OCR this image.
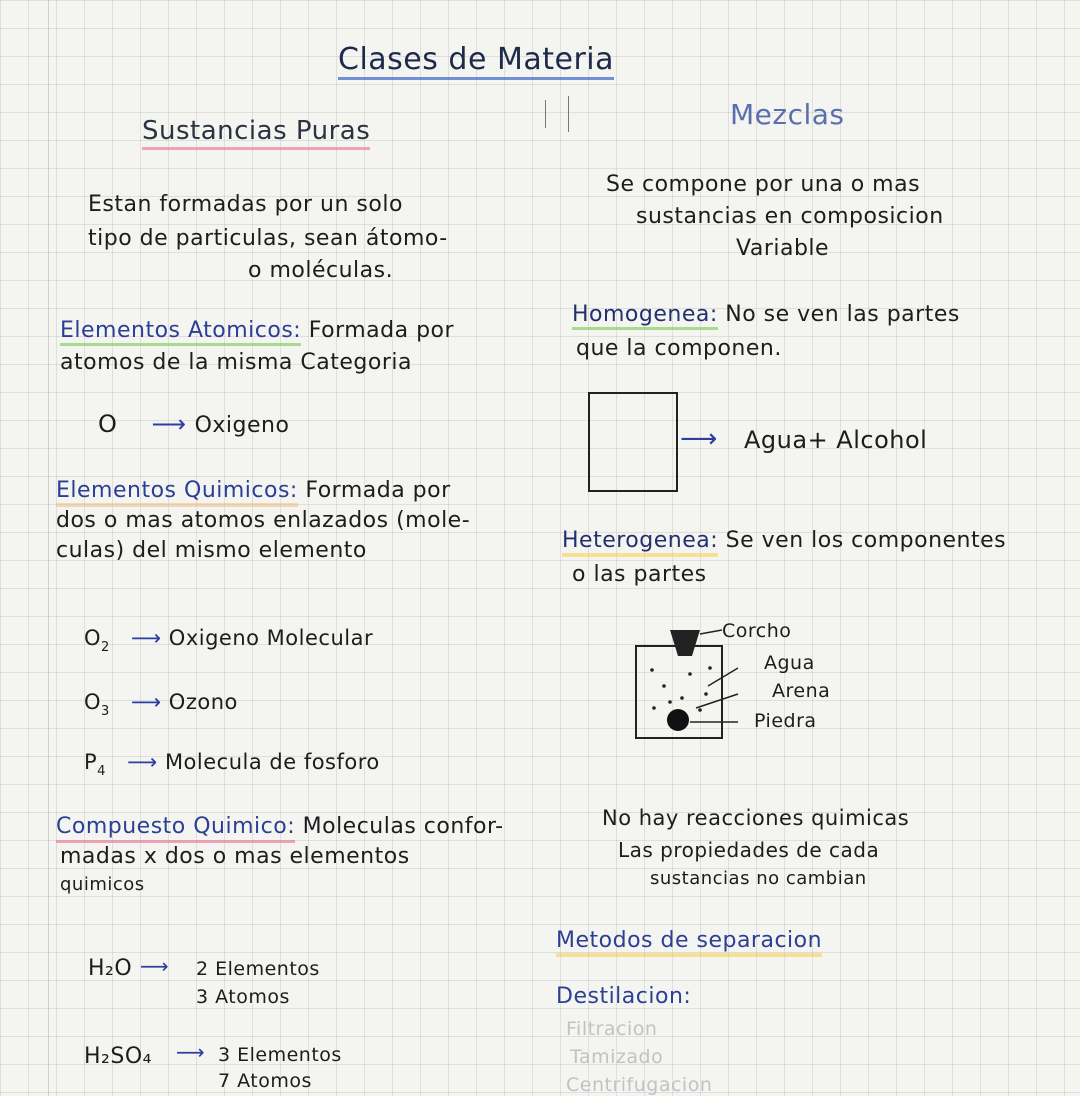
Clases de Materia
Sustancias Puras
Estan formadas por un solo
tipo de particulas, sean átomo-
o moléculas.
Elementos Atomicos: Formada por
atomos de la misma Categoria
O ⟶ Oxigeno
Elementos Quimicos: Formada por
dos o mas atomos enlazados (mole-
culas) del mismo elemento
$O_2$ ⟶ Oxigeno Molecular
$O_3$ ⟶ Ozono
$P_4$ ⟶ Molecula de fosforo
Compuesto Quimico: Moleculas confor-
madas x dos o mas elementos
quimicos
H₂O ⟶ 2 Elementos
3 Atomos
H₂SO₄ ⟶ 3 Elementos
7 Atomos
Mezclas
Se compone por una o mas
sustancias en composicion
Variable
Homogenea: No se ven las partes
que la componen.
⟶ Agua+ Alcohol
Heterogenea: Se ven los componentes
o las partes
Corcho
Agua
Arena
Piedra
No hay reacciones quimicas
Las propiedades de cada
sustancias no cambian
Metodos de separacion
Destilacion:
Filtracion
Tamizado
Centrifugacion
